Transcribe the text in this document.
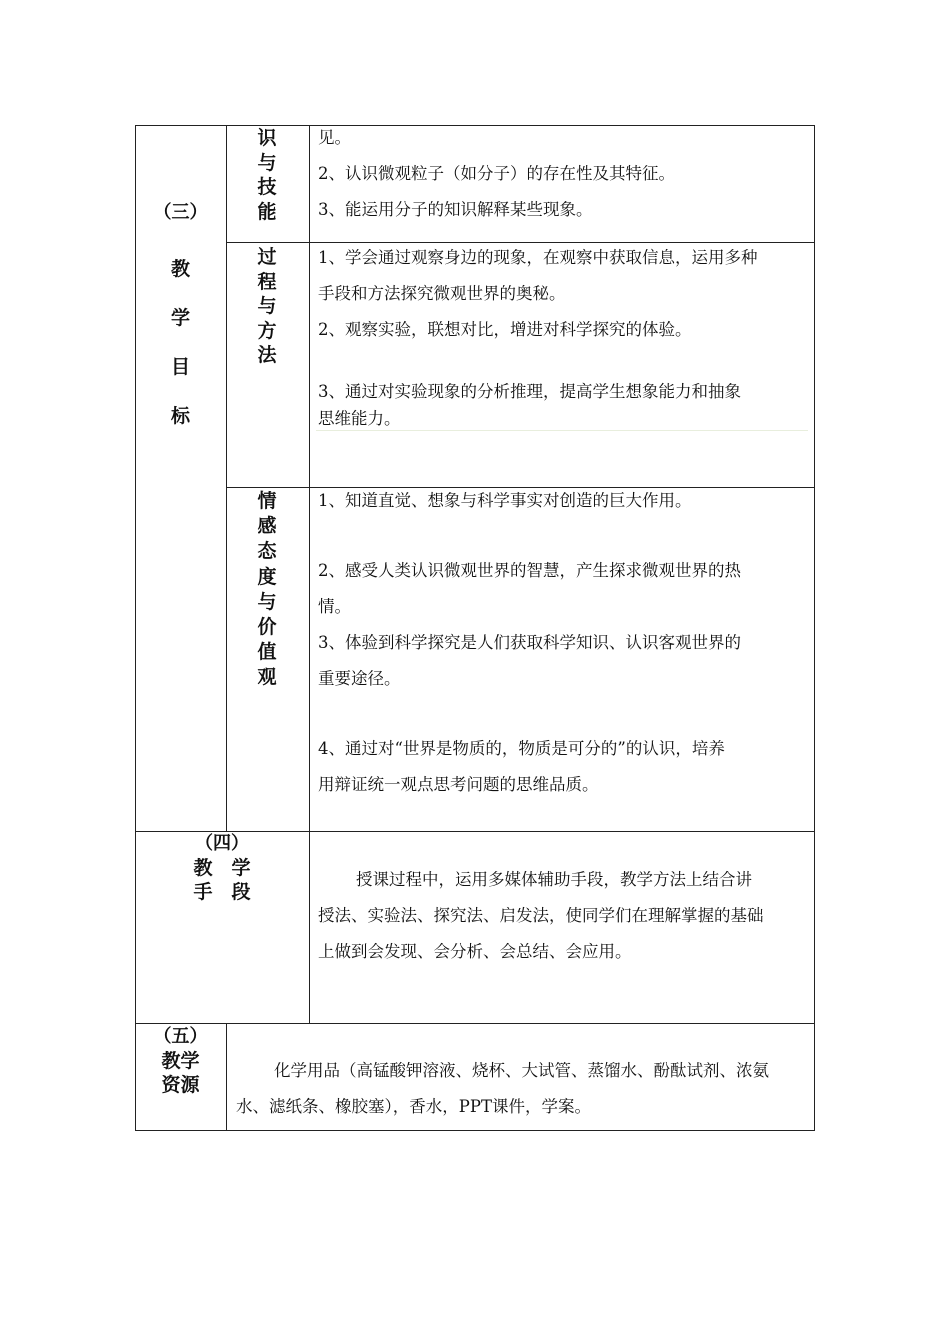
（三）
教
学
目
标
识
与
技
能

见。

2、认识微观粒子（如分子）的存在性及其特征。

3、能运用分子的知识解释某些现象。

过
程
与
方
法

1、学会通过观察身边的现象，在观察中获取信息，运用多种

手段和方法探究微观世界的奥秘。

2、观察实验，联想对比，增进对科学探究的体验。

3、通过对实验现象的分析推理，提高学生想象能力和抽象

思维能力。

情
感
态
度
与
价
值
观

1、知道直觉、想象与科学事实对创造的巨大作用。

2、感受人类认识微观世界的智慧，产生探求微观世界的热

情。

3、体验到科学探究是人们获取科学知识、认识客观世界的

重要途径。

4、通过对“世界是物质的，物质是可分的”的认识，培养

用辩证统一观点思考问题的思维品质。

（四）
教　学
手　段

授课过程中，运用多媒体辅助手段，教学方法上结合讲

授法、实验法、探究法、启发法，使同学们在理解掌握的基础

上做到会发现、会分析、会总结、会应用。

（五）
教学
资源

化学用品（高锰酸钾溶液、烧杯、大试管、蒸馏水、酚酞试剂、浓氨

水、滤纸条、橡胶塞），香水，PPT课件，学案。
